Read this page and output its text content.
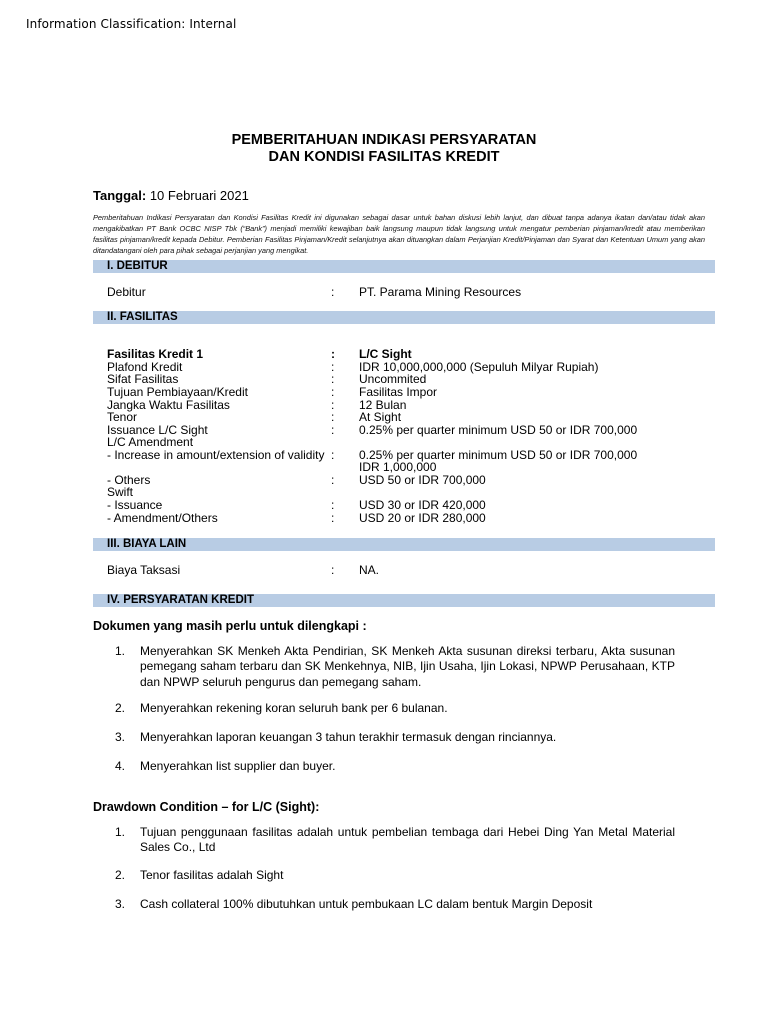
Information Classification: Internal
PEMBERITAHUAN INDIKASI PERSYARATAN
DAN KONDISI FASILITAS KREDIT
Tanggal: 10 Februari 2021
Pemberitahuan Indikasi Persyaratan dan Kondisi Fasilitas Kredit ini digunakan sebagai dasar untuk bahan diskusi lebih lanjut, dan dibuat tanpa adanya ikatan dan/atau tidak akan mengakibatkan PT Bank OCBC NISP Tbk (“Bank”) menjadi memiliki kewajiban baik langsung maupun tidak langsung untuk mengatur pemberian pinjaman/kredit atau memberikan fasilitas pinjaman/kredit kepada Debitur. Pemberian Fasilitas Pinjaman/Kredit selanjutnya akan dituangkan dalam Perjanjian Kredit/Pinjaman dan Syarat dan Ketentuan Umum yang akan ditandatangani oleh para pihak sebagai perjanjian yang mengikat.
I. DEBITUR
Debitur	: PT. Parama Mining Resources
II. FASILITAS
Fasilitas Kredit 1	: L/C Sight
Plafond Kredit	: IDR 10,000,000,000 (Sepuluh Milyar Rupiah)
Sifat Fasilitas	: Uncommited
Tujuan Pembiayaan/Kredit	: Fasilitas Impor
Jangka Waktu Fasilitas	: 12 Bulan
Tenor	: At Sight
Issuance L/C Sight	: 0.25% per quarter minimum USD 50 or IDR 700,000
L/C Amendment
- Increase in amount/extension of validity : 0.25% per quarter minimum USD 50 or IDR 700,000
IDR 1,000,000
- Others	: USD 50 or IDR 700,000
Swift
- Issuance	: USD 30 or IDR 420,000
- Amendment/Others	: USD 20 or IDR 280,000
III. BIAYA LAIN
Biaya Taksasi	: NA.
IV. PERSYARATAN KREDIT
Dokumen yang masih perlu untuk dilengkapi :
1. Menyerahkan SK Menkeh Akta Pendirian, SK Menkeh Akta susunan direksi terbaru, Akta susunan pemegang saham terbaru dan SK Menkehnya, NIB, Ijin Usaha, Ijin Lokasi, NPWP Perusahaan, KTP dan NPWP seluruh pengurus dan pemegang saham.
2. Menyerahkan rekening koran seluruh bank per 6 bulanan.
3. Menyerahkan laporan keuangan 3 tahun terakhir termasuk dengan rinciannya.
4. Menyerahkan list supplier dan buyer.
Drawdown Condition – for L/C (Sight):
1. Tujuan penggunaan fasilitas adalah untuk pembelian tembaga dari Hebei Ding Yan Metal Material Sales Co., Ltd
2. Tenor fasilitas adalah Sight
3. Cash collateral 100% dibutuhkan untuk pembukaan LC dalam bentuk Margin Deposit
